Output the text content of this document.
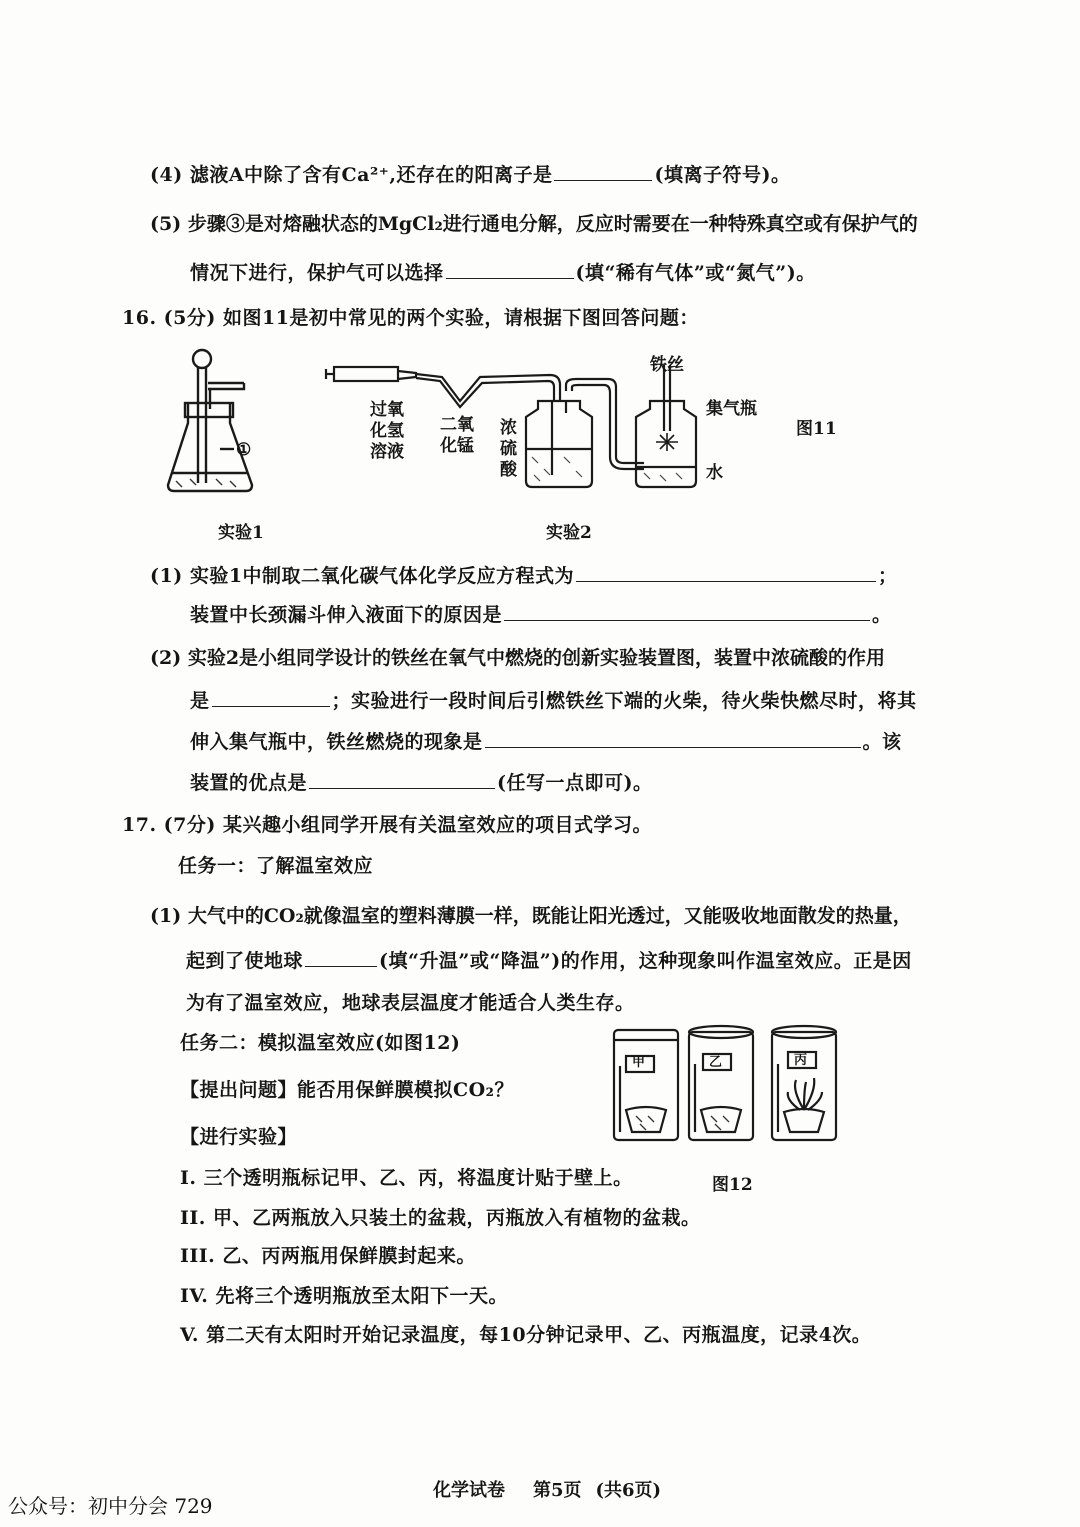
(4) 滤液A中除了含有Ca²⁺,还存在的阳离子是	(填离子符号)。
(5) 步骤③是对熔融状态的MgCl₂进行通电分解，反应时需要在一种特殊真空或有保护气的
情况下进行，保护气可以选择	(填“稀有气体”或“氮气”)。
16. (5分) 如图11是初中常见的两个实验，请根据下图回答问题：
①
过氧
化氢
溶液
二氧
化锰
浓
硫
酸
铁丝
集气瓶
水
图11
实验1	实验2
(1) 实验1中制取二氧化碳气体化学反应方程式为	；
装置中长颈漏斗伸入液面下的原因是	。
(2) 实验2是小组同学设计的铁丝在氧气中燃烧的创新实验装置图，装置中浓硫酸的作用
是	；实验进行一段时间后引燃铁丝下端的火柴，待火柴快燃尽时，将其
伸入集气瓶中，铁丝燃烧的现象是	。该
装置的优点是	(任写一点即可)。
17. (7分) 某兴趣小组同学开展有关温室效应的项目式学习。
任务一：了解温室效应
(1) 大气中的CO₂就像温室的塑料薄膜一样，既能让阳光透过，又能吸收地面散发的热量，
起到了使地球	(填“升温”或“降温”)的作用，这种现象叫作温室效应。正是因
为有了温室效应，地球表层温度才能适合人类生存。
任务二：模拟温室效应(如图12)
【提出问题】能否用保鲜膜模拟CO₂？
【进行实验】
I. 三个透明瓶标记甲、乙、丙，将温度计贴于壁上。
II. 甲、乙两瓶放入只装土的盆栽，丙瓶放入有植物的盆栽。
III. 乙、丙两瓶用保鲜膜封起来。
IV. 先将三个透明瓶放至太阳下一天。
V. 第二天有太阳时开始记录温度，每10分钟记录甲、乙、丙瓶温度，记录4次。
甲	乙	丙
图12
化学试卷 第5页 (共6页)
公众号：初中分会 729
